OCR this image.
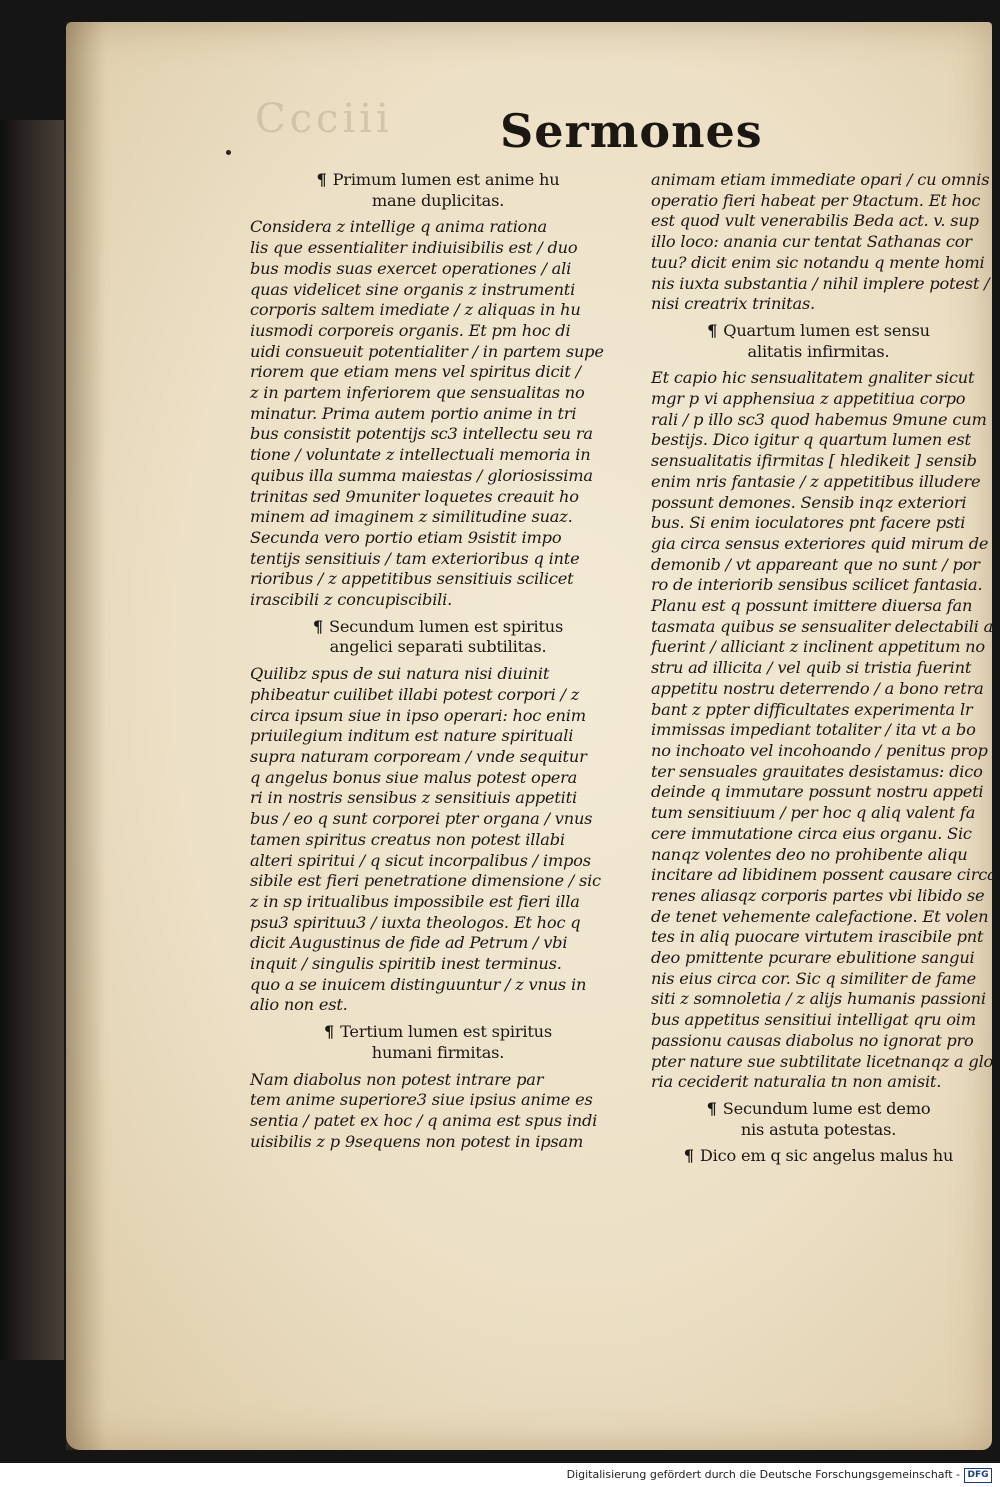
Ccciii Sermones
¶ Primum lumen est anime hu
mane duplicitas.
Considera z intellige q anima rationa
lis que essentialiter indiuisibilis est / duo
bus modis suas exercet operationes / ali
quas videlicet sine organis z instrumenti
corporis saltem imediate / z aliquas in hu
iusmodi corporeis organis. Et pm hoc di
uidi consueuit potentialiter / in partem supe
riorem que etiam mens vel spiritus dicit /
z in partem inferiorem que sensualitas no
minatur. Prima autem portio anime in tri
bus consistit potentijs sc3 intellectu seu ra
tione / voluntate z intellectuali memoria in
quibus illa summa maiestas / gloriosissima
trinitas sed 9muniter loquetes creauit ho
minem ad imaginem z similitudine suaz.
Secunda vero portio etiam 9sistit impo
tentijs sensitiuis / tam exterioribus q inte
rioribus / z appetitibus sensitiuis scilicet
irascibili z concupiscibili.
¶ Secundum lumen est spiritus
angelici separati subtilitas.
Quilibz spus de sui natura nisi diuinit
phibeatur cuilibet illabi potest corpori / z
circa ipsum siue in ipso operari: hoc enim
priuilegium inditum est nature spirituali
supra naturam corpoream / vnde sequitur
q angelus bonus siue malus potest opera
ri in nostris sensibus z sensitiuis appetiti
bus / eo q sunt corporei pter organa / vnus
tamen spiritus creatus non potest illabi
alteri spiritui / q sicut incorpalibus / impos
sibile est fieri penetratione dimensione / sic
z in sp iritualibus impossibile est fieri illa
psu3 spirituu3 / iuxta theologos. Et hoc q
dicit Augustinus de fide ad Petrum / vbi
inquit / singulis spiritib inest terminus.
quo a se inuicem distinguuntur / z vnus in
alio non est.
¶ Tertium lumen est spiritus
humani firmitas.
Nam diabolus non potest intrare par
tem anime superiore3 siue ipsius anime es
sentia / patet ex hoc / q anima est spus indi
uisibilis z p 9sequens non potest in ipsam
animam etiam immediate opari / cu omnis
operatio fieri habeat per 9tactum. Et hoc
est quod vult venerabilis Beda act. v. sup
illo loco: anania cur tentat Sathanas cor
tuu? dicit enim sic notandu q mente homi
nis iuxta substantia / nihil implere potest /
nisi creatrix trinitas.
¶ Quartum lumen est sensu
alitatis infirmitas.
Et capio hic sensualitatem gnaliter sicut
mgr p vi apphensiua z appetitiua corpo
rali / p illo sc3 quod habemus 9mune cum
bestijs. Dico igitur q quartum lumen est
sensualitatis ifirmitas [ hledikeit ] sensib
enim nris fantasie / z appetitibus illudere
possunt demones. Sensib inqz exteriori
bus. Si enim ioculatores pnt facere psti
gia circa sensus exteriores quid mirum de
demonib / vt appareant que no sunt / por
ro de interiorib sensibus scilicet fantasia.
Planu est q possunt imittere diuersa fan
tasmata quibus se sensualiter delectabili a
fuerint / alliciant z inclinent appetitum no
stru ad illicita / vel quib si tristia fuerint
appetitu nostru deterrendo / a bono retra
bant z ppter difficultates experimenta lr
immissas impediant totaliter / ita vt a bo
no inchoato vel incohoando / penitus prop
ter sensuales grauitates desistamus: dico
deinde q immutare possunt nostru appeti
tum sensitiuum / per hoc q aliq valent fa
cere immutatione circa eius organu. Sic
nanqz volentes deo no prohibente aliqu
incitare ad libidinem possent causare circa
renes aliasqz corporis partes vbi libido se
de tenet vehemente calefactione. Et volen
tes in aliq puocare virtutem irascibile pnt
deo pmittente pcurare ebulitione sangui
nis eius circa cor. Sic q similiter de fame
siti z somnoletia / z alijs humanis passioni
bus appetitus sensitiui intelligat qru oim
passionu causas diabolus no ignorat pro
pter nature sue subtilitate licetnanqz a glo
ria ceciderit naturalia tn non amisit.
¶ Secundum lume est demo
nis astuta potestas.
¶ Dico em q sic angelus malus hu
Digitalisierung gefördert durch die Deutsche Forschungsgemeinschaft - DFG
